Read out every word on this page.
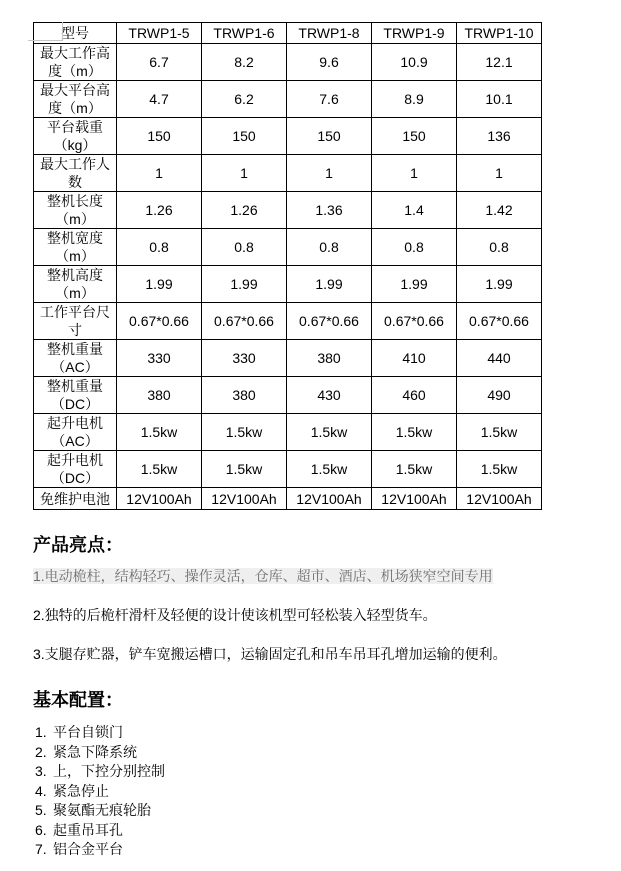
型号	TRWP1-5	TRWP1-6	TRWP1-8	TRWP1-9	TRWP1-10
最大工作高度（m）	6.7	8.2	9.6	10.9	12.1
最大平台高度（m）	4.7	6.2	7.6	8.9	10.1
平台载重（kg）	150	150	150	150	136
最大工作人数	1	1	1	1	1
整机长度（m）	1.26	1.26	1.36	1.4	1.42
整机宽度（m）	0.8	0.8	0.8	0.8	0.8
整机高度（m）	1.99	1.99	1.99	1.99	1.99
工作平台尺寸	0.67*0.66	0.67*0.66	0.67*0.66	0.67*0.66	0.67*0.66
整机重量（AC）	330	330	380	410	440
整机重量（DC）	380	380	430	460	490
起升电机（AC）	1.5kw	1.5kw	1.5kw	1.5kw	1.5kw
起升电机（DC）	1.5kw	1.5kw	1.5kw	1.5kw	1.5kw
免维护电池	12V100Ah	12V100Ah	12V100Ah	12V100Ah	12V100Ah
产品亮点：
1.电动桅柱，结构轻巧、操作灵活，仓库、超市、酒店、机场狭窄空间专用
2.独特的后桅杆滑杆及轻便的设计使该机型可轻松装入轻型货车。
3.支腿存贮器，铲车宽搬运槽口，运输固定孔和吊车吊耳孔增加运输的便利。
基本配置：
1. 平台自锁门
2. 紧急下降系统
3. 上，下控分别控制
4. 紧急停止
5. 聚氨酯无痕轮胎
6. 起重吊耳孔
7. 铝合金平台
